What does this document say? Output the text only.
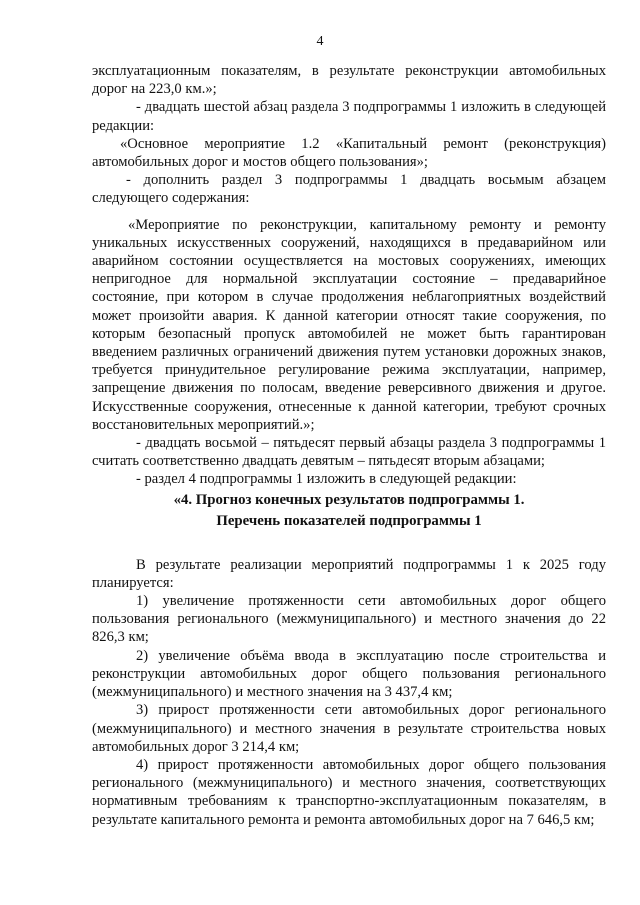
4

эксплуатационным показателям, в результате реконструкции автомобильных дорог на 223,0 км.»;

- двадцать шестой абзац раздела 3 подпрограммы 1 изложить в следующей редакции:

«Основное мероприятие 1.2 «Капитальный ремонт (реконструкция) автомобильных дорог и мостов общего пользования»;

- дополнить раздел 3 подпрограммы 1 двадцать восьмым абзацем следующего содержания:

«Мероприятие по реконструкции, капитальному ремонту и ремонту уникальных искусственных сооружений, находящихся в предаварийном или аварийном состоянии осуществляется на мостовых сооружениях, имеющих непригодное для нормальной эксплуатации состояние – предаварийное состояние, при котором в случае продолжения неблагоприятных воздействий может произойти авария. К данной категории относят такие сооружения, по которым безопасный пропуск автомобилей не может быть гарантирован введением различных ограничений движения путем установки дорожных знаков, требуется принудительное регулирование режима эксплуатации, например, запрещение движения по полосам, введение реверсивного движения и другое. Искусственные сооружения, отнесенные к данной категории, требуют срочных восстановительных мероприятий.»;

- двадцать восьмой – пятьдесят первый абзацы раздела 3 подпрограммы 1 считать соответственно двадцать девятым – пятьдесят вторым абзацами;

- раздел 4 подпрограммы 1 изложить в следующей редакции:

«4. Прогноз конечных результатов подпрограммы 1.
Перечень показателей подпрограммы 1

В результате реализации мероприятий подпрограммы 1 к 2025 году планируется:

1) увеличение протяженности сети автомобильных дорог общего пользования регионального (межмуниципального) и местного значения до 22 826,3 км;

2) увеличение объёма ввода в эксплуатацию после строительства и реконструкции автомобильных дорог общего пользования регионального (межмуниципального) и местного значения на 3 437,4 км;

3) прирост протяженности сети автомобильных дорог регионального (межмуниципального) и местного значения в результате строительства новых автомобильных дорог 3 214,4 км;

4) прирост протяженности автомобильных дорог общего пользования регионального (межмуниципального) и местного значения, соответствующих нормативным требованиям к транспортно-эксплуатационным показателям, в результате капитального ремонта и ремонта автомобильных дорог на 7 646,5 км;
